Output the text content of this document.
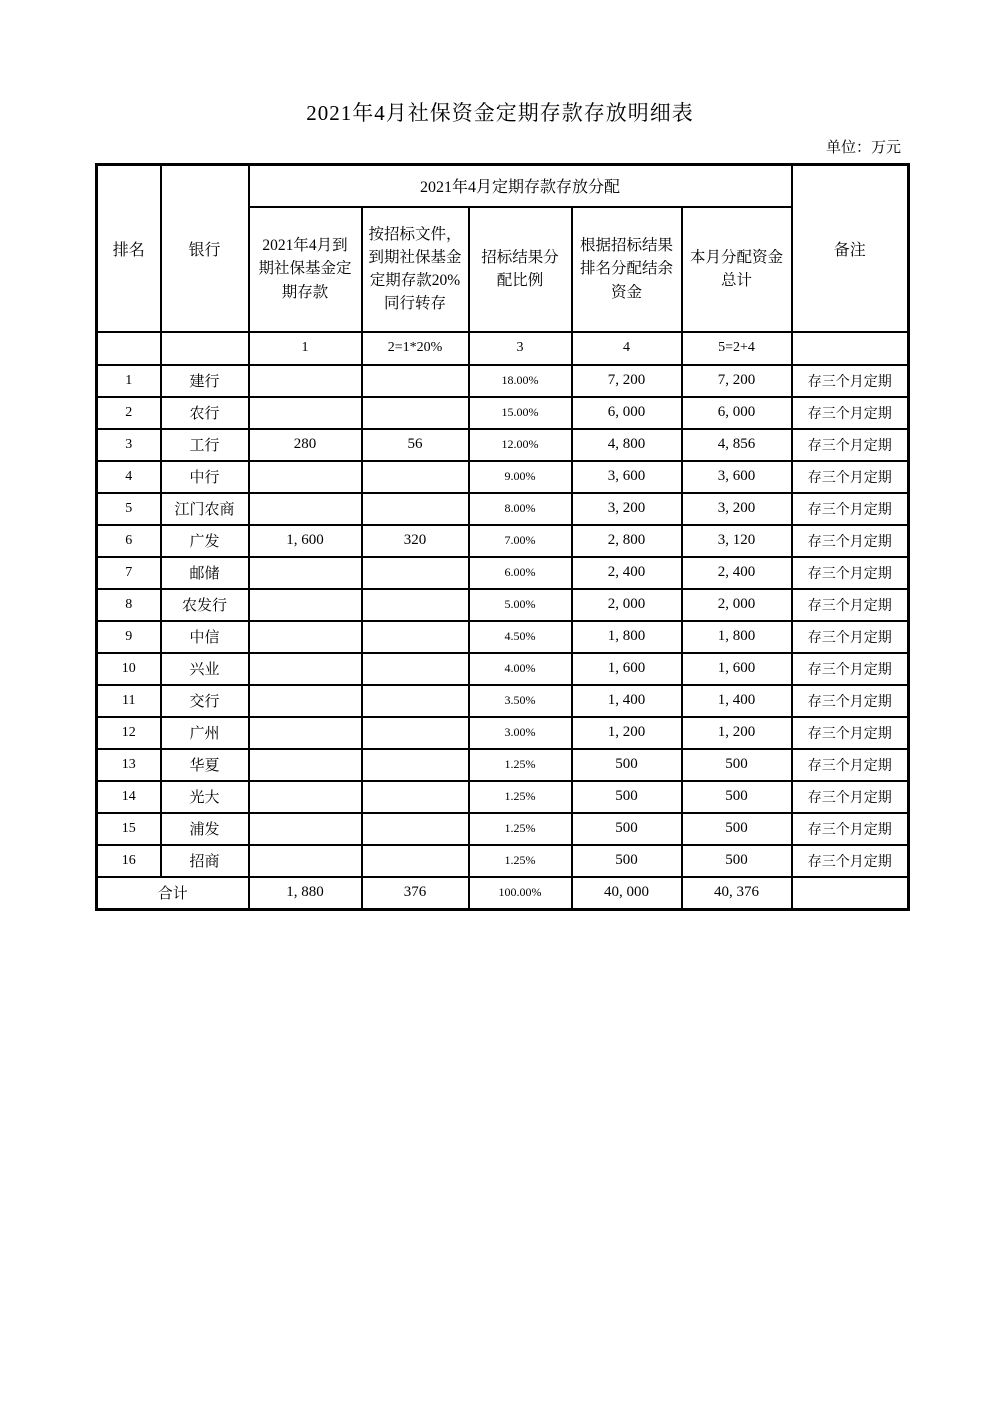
2021年4月社保资金定期存款存放明细表
单位：万元
排名	银行	2021年4月定期存款存放分配					备注
		2021年4月到期社保基金定期存款	按招标文件，到期社保基金定期存款20%同行转存	招标结果分配比例	根据招标结果排名分配结余资金	本月分配资金总计	
		1	2=1*20%	3	4	5=2+4	
1	建行			18.00%	7, 200	7, 200	存三个月定期
2	农行			15.00%	6, 000	6, 000	存三个月定期
3	工行	280	56	12.00%	4, 800	4, 856	存三个月定期
4	中行			9.00%	3, 600	3, 600	存三个月定期
5	江门农商			8.00%	3, 200	3, 200	存三个月定期
6	广发	1, 600	320	7.00%	2, 800	3, 120	存三个月定期
7	邮储			6.00%	2, 400	2, 400	存三个月定期
8	农发行			5.00%	2, 000	2, 000	存三个月定期
9	中信			4.50%	1, 800	1, 800	存三个月定期
10	兴业			4.00%	1, 600	1, 600	存三个月定期
11	交行			3.50%	1, 400	1, 400	存三个月定期
12	广州			3.00%	1, 200	1, 200	存三个月定期
13	华夏			1.25%	500	500	存三个月定期
14	光大			1.25%	500	500	存三个月定期
15	浦发			1.25%	500	500	存三个月定期
16	招商			1.25%	500	500	存三个月定期
合计		1, 880	376	100.00%	40, 000	40, 376	
